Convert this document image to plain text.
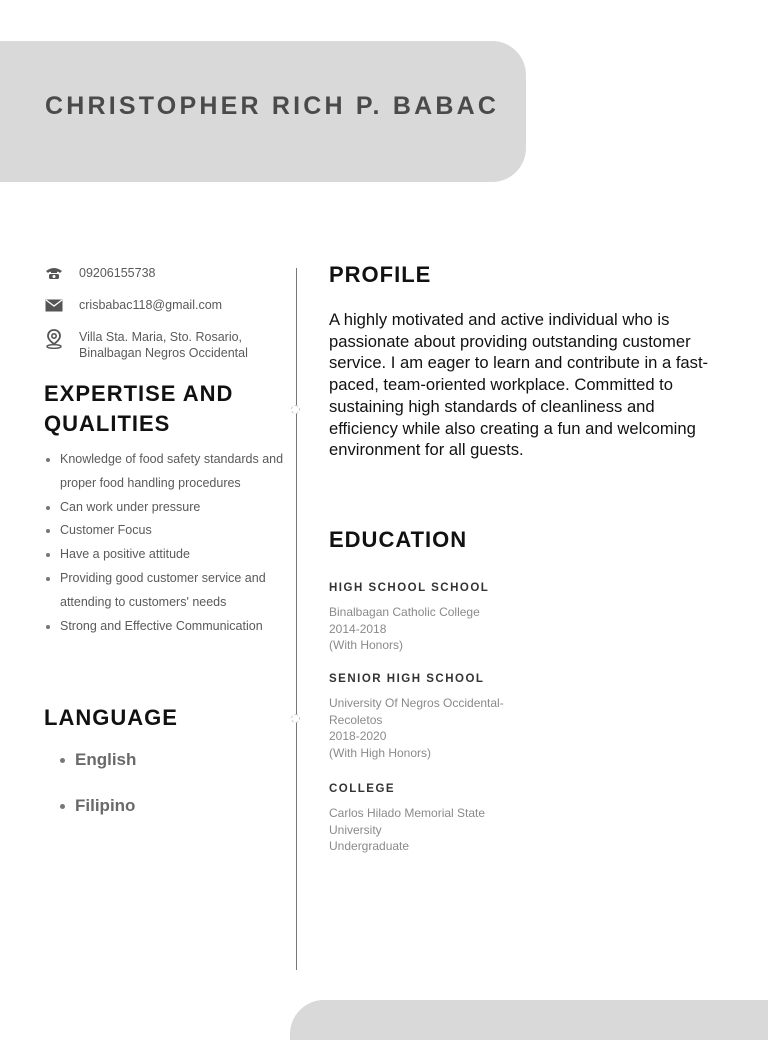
CHRISTOPHER RICH P. BABAC
09206155738
crisbabac118@gmail.com
Villa Sta. Maria, Sto. Rosario,
Binalbagan Negros Occidental
EXPERTISE AND
QUALITIES
Knowledge of food safety standards and proper food handling procedures
Can work under pressure
Customer Focus
Have a positive attitude
Providing good customer service and attending to customers' needs
Strong and Effective Communication
LANGUAGE
English
Filipino
PROFILE

A highly motivated and active individual who is passionate about providing outstanding customer service. I am eager to learn and contribute in a fast-paced, team-oriented workplace. Committed to sustaining high standards of cleanliness and efficiency while also creating a fun and welcoming environment for all guests.

EDUCATION
HIGH SCHOOL SCHOOL

Binalbagan Catholic College
2014-2018
(With Honors)

SENIOR HIGH SCHOOL

University Of Negros Occidental-
Recoletos
2018-2020
(With High Honors)

COLLEGE

Carlos Hilado Memorial State
University
Undergraduate
